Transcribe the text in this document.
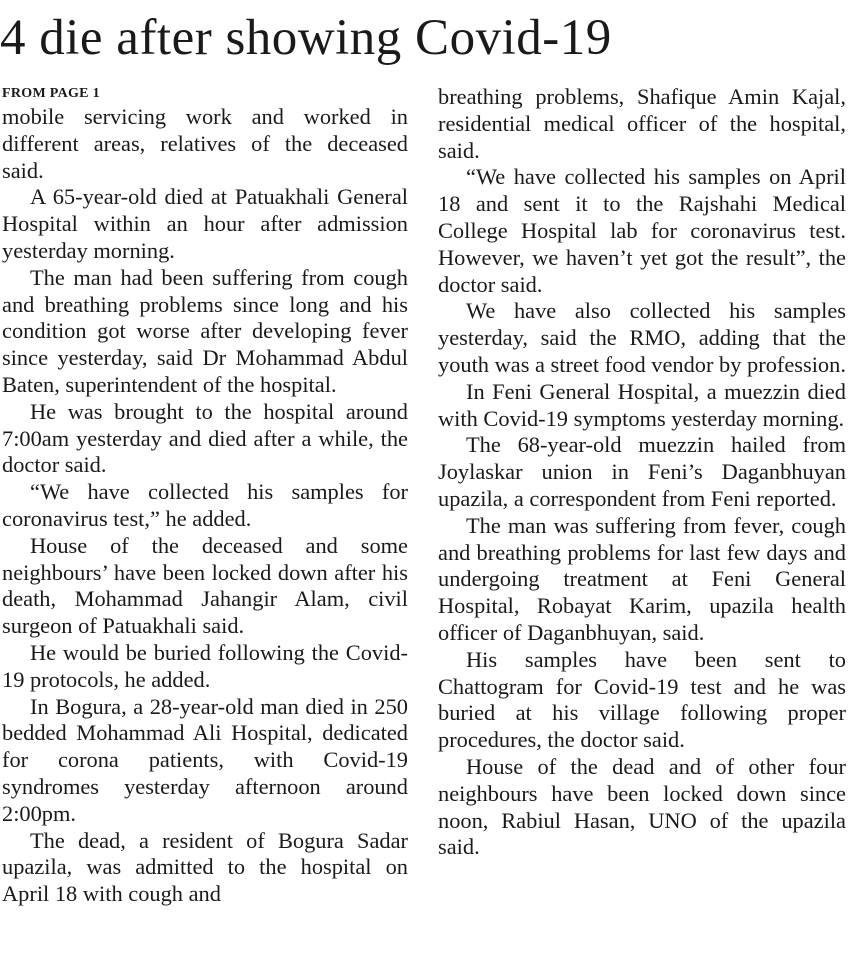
4 die after showing Covid-19
FROM PAGE 1

mobile servicing work and worked in different areas, relatives of the deceased said.

A 65-year-old died at Patuakhali General Hospital within an hour after admission yesterday morning.

The man had been suffering from cough and breathing problems since long and his condition got worse after developing fever since yesterday, said Dr Mohammad Abdul Baten, superintendent of the hospital.

He was brought to the hospital around 7:00am yesterday and died after a while, the doctor said.

“We have collected his samples for coronavirus test,” he added.

House of the deceased and some neighbours’ have been locked down after his death, Mohammad Jahangir Alam, civil surgeon of Patuakhali said.

He would be buried following the Covid-19 protocols, he added.

In Bogura, a 28-year-old man died in 250 bedded Mohammad Ali Hospital, dedicated for corona patients, with Covid-19 syndromes yesterday afternoon around 2:00pm.

The dead, a resident of Bogura Sadar upazila, was admitted to the hospital on April 18 with cough and

breathing problems, Shafique Amin Kajal, residential medical officer of the hospital, said.

“We have collected his samples on April 18 and sent it to the Rajshahi Medical College Hospital lab for coronavirus test. However, we haven’t yet got the result”, the doctor said.

We have also collected his samples yesterday, said the RMO, adding that the youth was a street food vendor by profession.

In Feni General Hospital, a muezzin died with Covid-19 symptoms yesterday morning.

The 68-year-old muezzin hailed from Joylaskar union in Feni’s Daganbhuyan upazila, a correspondent from Feni reported.

The man was suffering from fever, cough and breathing problems for last few days and undergoing treatment at Feni General Hospital, Robayat Karim, upazila health officer of Daganbhuyan, said.

His samples have been sent to Chattogram for Covid-19 test and he was buried at his village following proper procedures, the doctor said.

House of the dead and of other four neighbours have been locked down since noon, Rabiul Hasan, UNO of the upazila said.
